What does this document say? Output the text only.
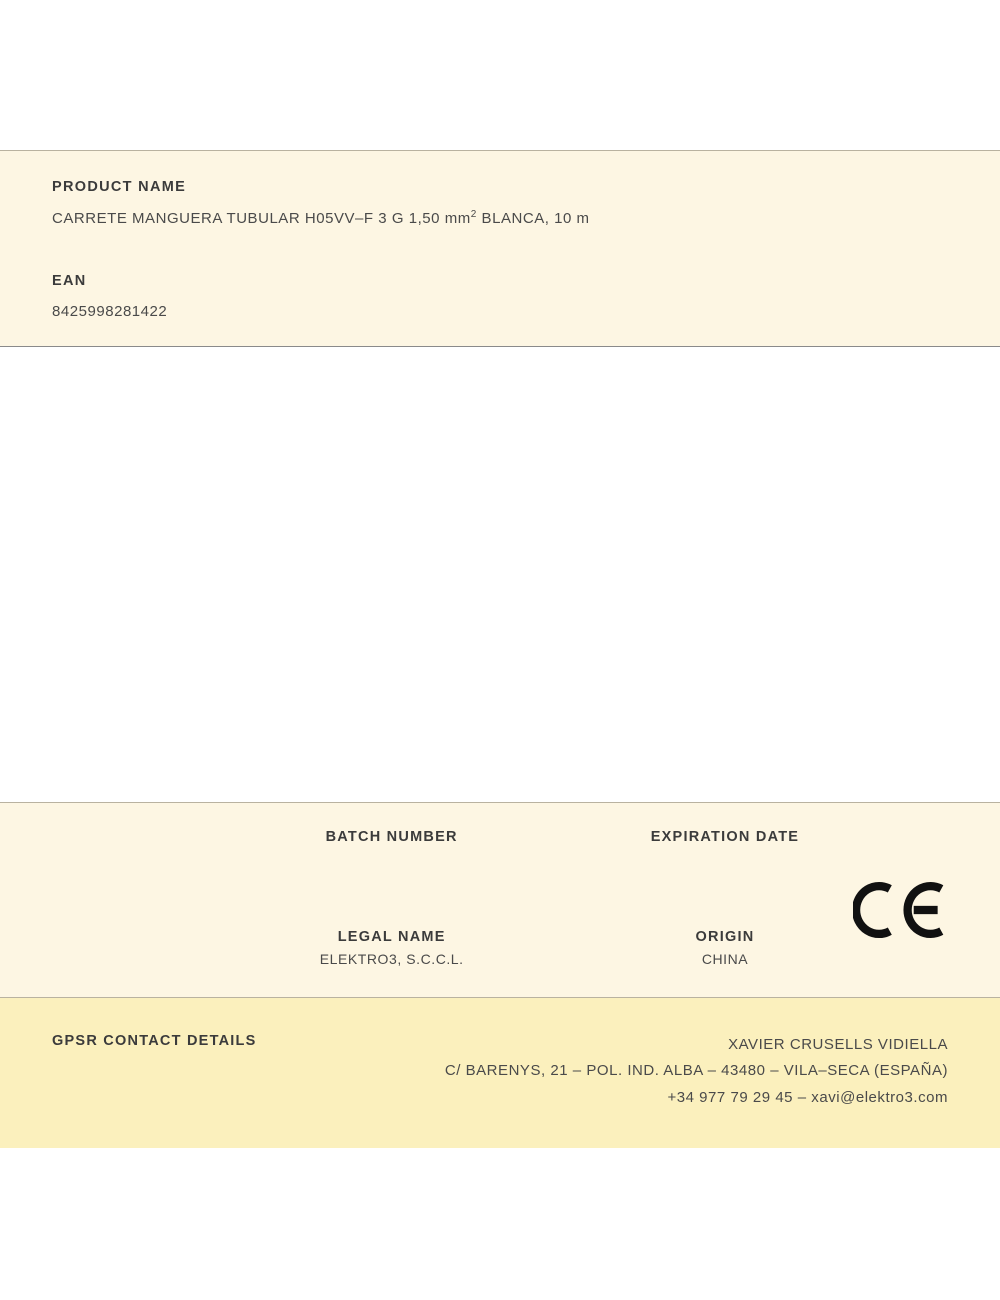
PRODUCT NAME

CARRETE MANGUERA TUBULAR H05VV–F 3 G 1,50 $mm^2$ BLANCA, 10 m

EAN

8425998281422

BATCH NUMBER	EXPIRATION DATE

LEGAL NAME

ELEKTRO3, S.C.C.L.

ORIGIN

CHINA

GPSR CONTACT DETAILS	XAVIER CRUSELLS VIDIELLA
C/ BARENYS, 21 – POL. IND. ALBA – 43480 – VILA–SECA (ESPAÑA)
+34 977 79 29 45 – xavi@elektro3.com
